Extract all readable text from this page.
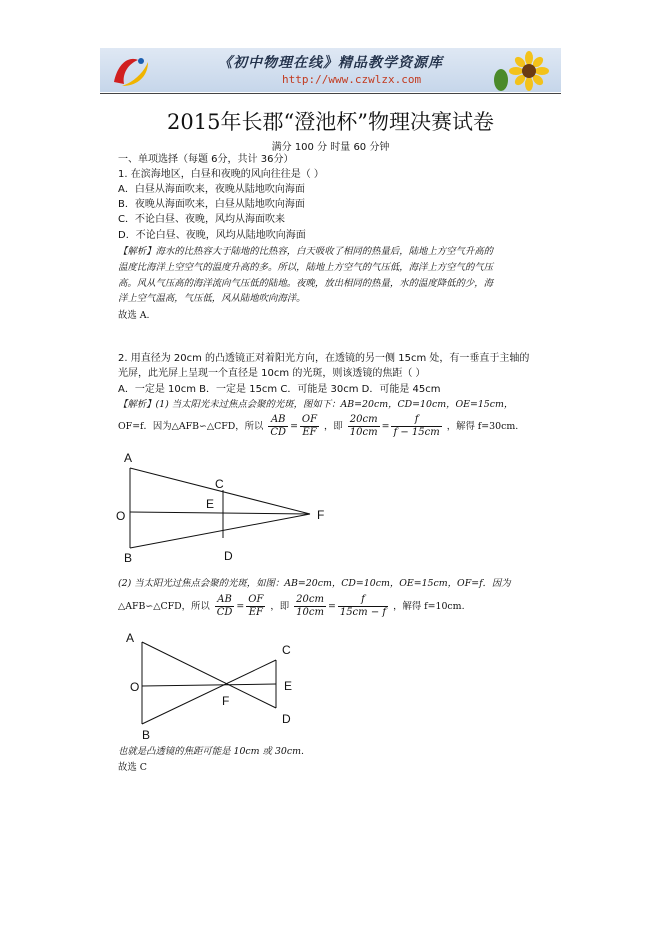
《初中物理在线》精品教学资源库
http://www.czwlzx.com
2015年长郡“澄池杯”物理决赛试卷
满分 100 分 时量 60 分钟
一、单项选择（每题 6分，共计 36分）
1. 在滨海地区，白昼和夜晚的风向往往是（ ）
A．白昼从海面吹来，夜晚从陆地吹向海面
B．夜晚从海面吹来，白昼从陆地吹向海面
C．不论白昼、夜晚，风均从海面吹来
D．不论白昼、夜晚，风均从陆地吹向海面
【解析】海水的比热容大于陆地的比热容，白天吸收了相同的热量后，陆地上方空气升高的
温度比海洋上空空气的温度升高的多。所以，陆地上方空气的气压低，海洋上方空气的气压
高。风从气压高的海洋流向气压低的陆地。夜晚，放出相同的热量，水的温度降低的少，海
洋上空气温高，气压低，风从陆地吹向海洋。
故选 A.
2. 用直径为 20cm 的凸透镜正对着阳光方向，在透镜的另一侧 15cm 处，有一垂直于主轴的
光屏，此光屏上呈现一个直径是 10cm 的光斑，则该透镜的焦距（ ）
A．一定是 10cm B．一定是 15cm C．可能是 30cm D．可能是 45cm
【解析】(1) 当太阳光未过焦点会聚的光斑，图如下：AB=20cm，CD=10cm，OE=15cm，
OF=f．因为△AFB∽△CFD，所以 $\frac{AB}{CD} = \frac{OF}{EF}$ ，即 $\frac{20cm}{10cm} = \frac{f}{f - 15cm}$ ，解得 f=30cm.
A
O
B
C
E
D
F
(2) 当太阳光过焦点会聚的光斑，如图：AB=20cm，CD=10cm，OE=15cm，OF=f．因为
△AFB∽△CFD，所以 $\frac{AB}{CD} = \frac{OF}{EF}$ ，即 $\frac{20cm}{10cm} = \frac{f}{15cm - f}$ ，解得 f=10cm.
A
O
B
F
C
E
D
也就是凸透镜的焦距可能是 10cm 或 30cm.
故选 C
